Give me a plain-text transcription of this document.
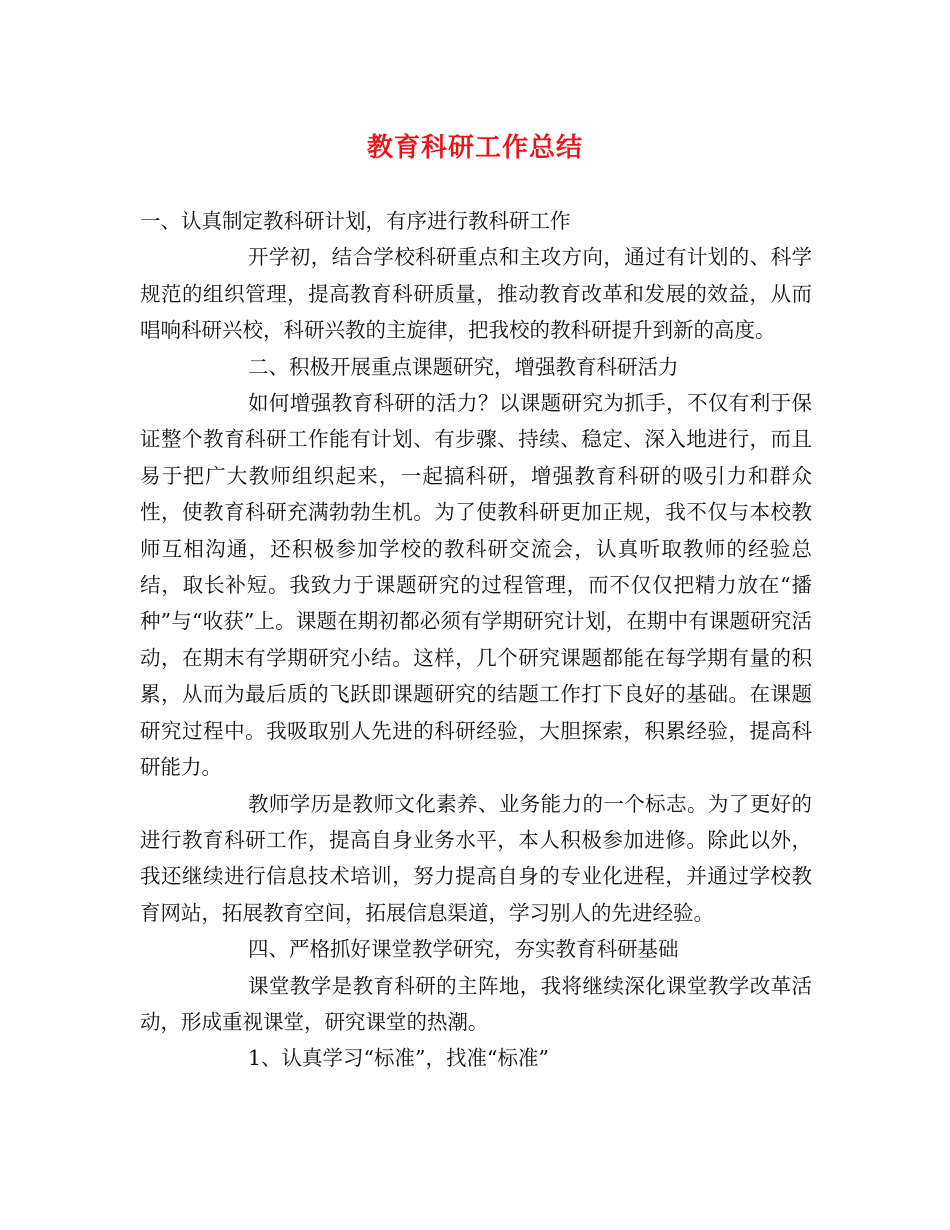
教育科研工作总结

一、认真制定教科研计划，有序进行教科研工作

开学初，结合学校科研重点和主攻方向，通过有计划的、科学规范的组织管理，提高教育科研质量，推动教育改革和发展的效益，从而唱响科研兴校，科研兴教的主旋律，把我校的教科研提升到新的高度。

二、积极开展重点课题研究，增强教育科研活力

如何增强教育科研的活力？以课题研究为抓手，不仅有利于保证整个教育科研工作能有计划、有步骤、持续、稳定、深入地进行，而且易于把广大教师组织起来，一起搞科研，增强教育科研的吸引力和群众性，使教育科研充满勃勃生机。为了使教科研更加正规，我不仅与本校教师互相沟通，还积极参加学校的教科研交流会，认真听取教师的经验总结，取长补短。我致力于课题研究的过程管理，而不仅仅把精力放在“播种”与“收获”上。课题在期初都必须有学期研究计划，在期中有课题研究活动，在期末有学期研究小结。这样，几个研究课题都能在每学期有量的积累，从而为最后质的飞跃即课题研究的结题工作打下良好的基础。在课题研究过程中。我吸取别人先进的科研经验，大胆探索，积累经验，提高科研能力。

教师学历是教师文化素养、业务能力的一个标志。为了更好的进行教育科研工作，提高自身业务水平，本人积极参加进修。除此以外，我还继续进行信息技术培训，努力提高自身的专业化进程，并通过学校教育网站，拓展教育空间，拓展信息渠道，学习别人的先进经验。

四、严格抓好课堂教学研究，夯实教育科研基础

课堂教学是教育科研的主阵地，我将继续深化课堂教学改革活动，形成重视课堂，研究课堂的热潮。

1、认真学习“标准”，找准“标准”
